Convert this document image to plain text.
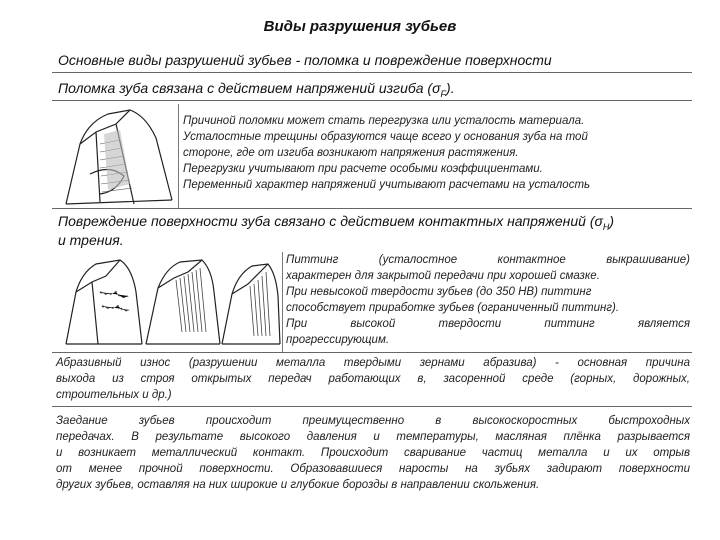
Виды разрушения зубьев
Основные виды разрушений зубьев - поломка и повреждение поверхности
Поломка зуба связана с действием напряжений изгиба $(\sigma_F)$.
Причиной поломки может стать перегрузка или усталость материала.
Усталостные трещины образуются чаще всего у основания зуба на той
стороне, где от изгиба возникают напряжения растяжения.
Перегрузки учитывают при расчете особыми коэффициентами.
Переменный характер напряжений учитывают расчетами на усталость
Повреждение поверхности зуба связано с действием контактных напряжений $(\sigma_H)$
и трения.
Питтинг (усталостное контактное выкрашивание)
характерен для закрытой передачи при хорошей смазке.
При невысокой твердости зубьев (до 350 НВ) питтинг
способствует приработке зубьев (ограниченный питтинг).
При высокой твердости питтинг является
прогрессирующим.
Абразивный износ (разрушении металла твердыми зернами абразива) - основная причина
выхода из строя открытых передач работающих в, засоренной среде (горных, дорожных,
строительных и др.)
Заедание зубьев происходит преимущественно в высокоскоростных быстроходных
передачах. В результате высокого давления и температуры, масляная плёнка разрывается
и возникает металлический контакт. Происходит сваривание частиц металла и их отрыв
от менее прочной поверхности. Образовавшиеся наросты на зубьях задирают поверхности
других зубьев, оставляя на них широкие и глубокие борозды в направлении скольжения.
